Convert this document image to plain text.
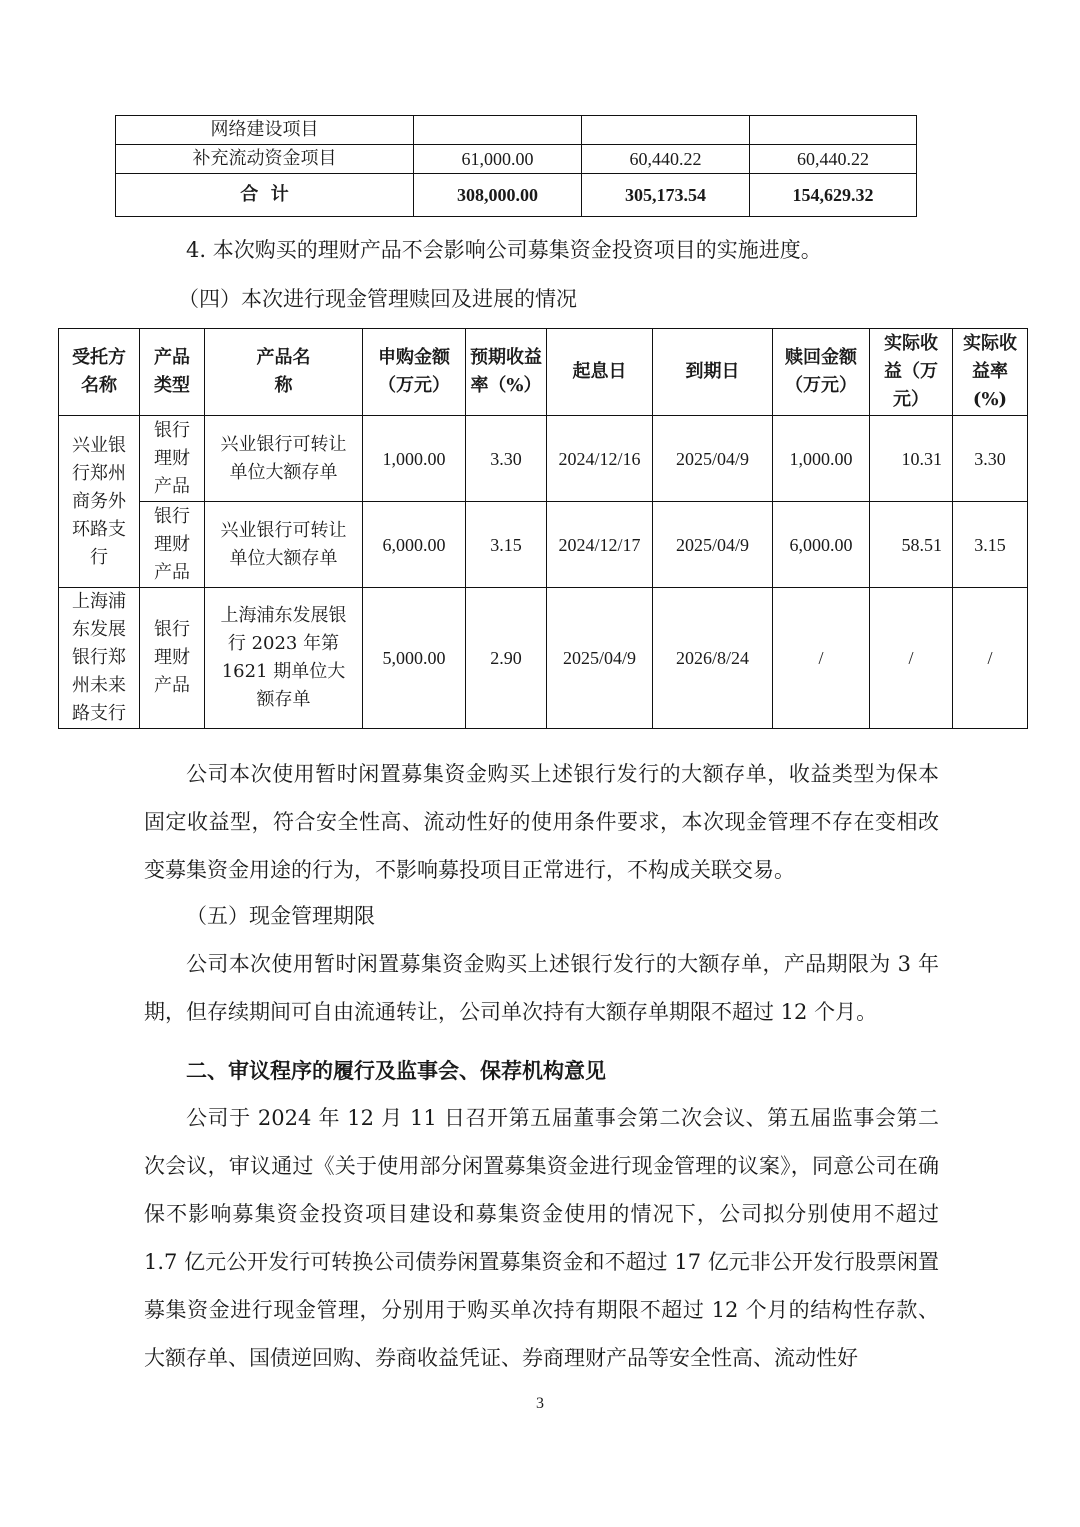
网络建设项目			
补充流动资金项目	61,000.00	60,440.22	60,440.22
合  计	308,000.00	305,173.54	154,629.32
4. 本次购买的理财产品不会影响公司募集资金投资项目的实施进度。
（四）本次进行现金管理赎回及进展的情况
受托方名称	产品类型	产品名称	申购金额（万元）	预期收益率（%）	起息日	到期日	赎回金额（万元）	实际收益（万元）	实际收益率(%)
兴业银行郑州商务外环路支行	银行理财产品	兴业银行可转让单位大额存单	1,000.00	3.30	2024/12/16	2025/04/9	1,000.00	10.31	3.30
	银行理财产品	兴业银行可转让单位大额存单	6,000.00	3.15	2024/12/17	2025/04/9	6,000.00	58.51	3.15
上海浦东发展银行郑州未来路支行	银行理财产品	上海浦东发展银行 2023 年第 1621 期单位大额存单	5,000.00	2.90	2025/04/9	2026/8/24	/	/	/
公司本次使用暂时闲置募集资金购买上述银行发行的大额存单，收益类型为保本固定收益型，符合安全性高、流动性好的使用条件要求，本次现金管理不存在变相改变募集资金用途的行为，不影响募投项目正常进行，不构成关联交易。
（五）现金管理期限
公司本次使用暂时闲置募集资金购买上述银行发行的大额存单，产品期限为 3 年期，但存续期间可自由流通转让，公司单次持有大额存单期限不超过 12 个月。
二、审议程序的履行及监事会、保荐机构意见
公司于 2024 年 12 月 11 日召开第五届董事会第二次会议、第五届监事会第二次会议，审议通过《关于使用部分闲置募集资金进行现金管理的议案》，同意公司在确保不影响募集资金投资项目建设和募集资金使用的情况下，公司拟分别使用不超过 1.7 亿元公开发行可转换公司债券闲置募集资金和不超过 17 亿元非公开发行股票闲置募集资金进行现金管理，分别用于购买单次持有期限不超过 12 个月的结构性存款、大额存单、国债逆回购、券商收益凭证、券商理财产品等安全性高、流动性好
3
